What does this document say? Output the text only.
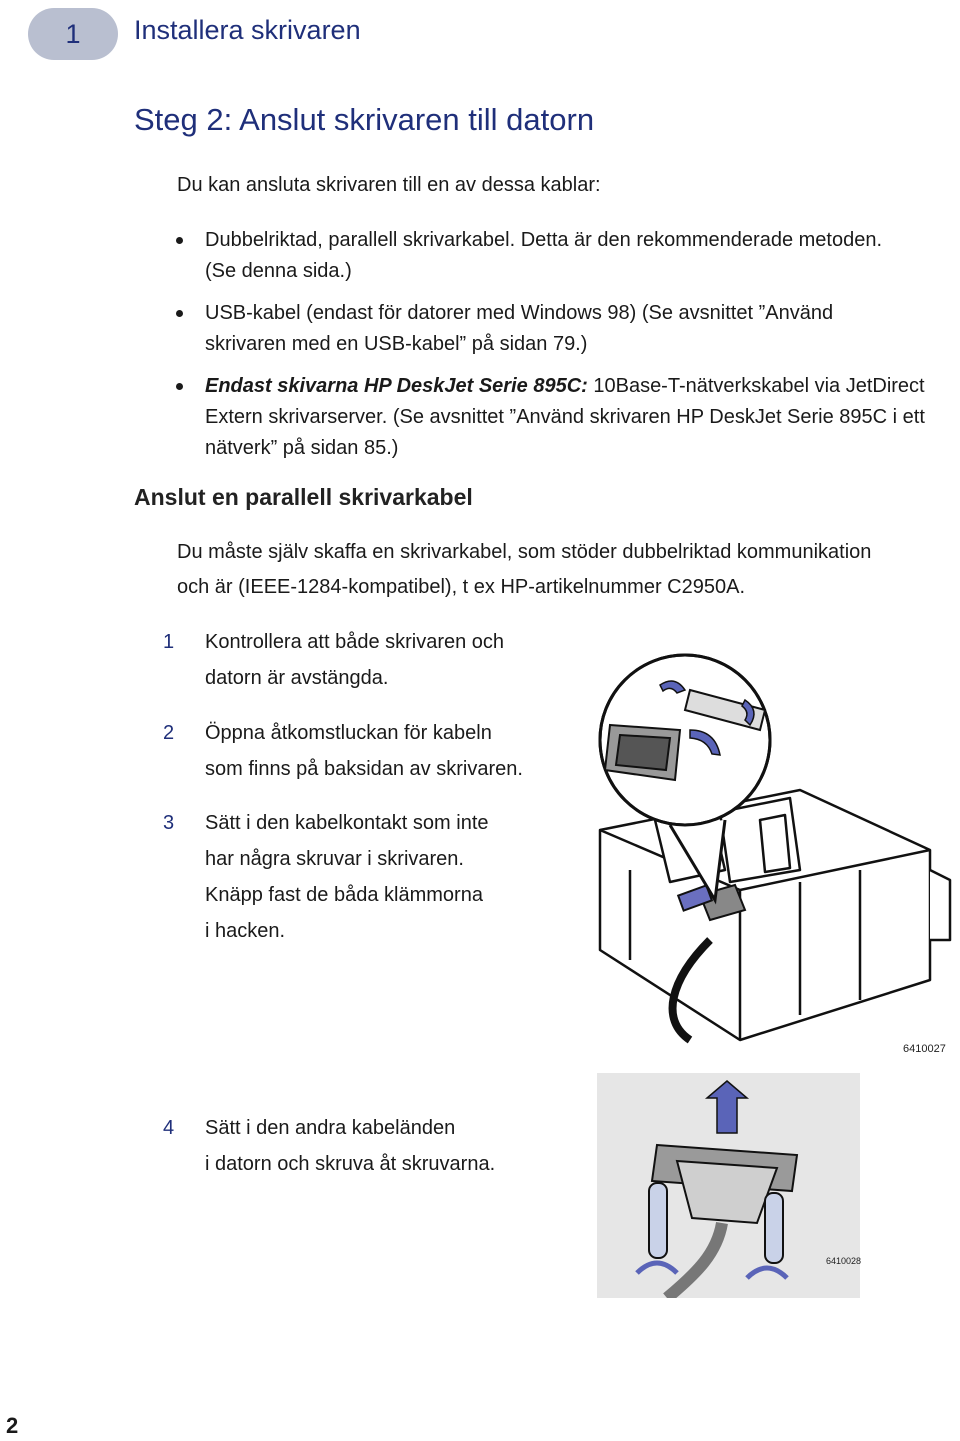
1	Installera skrivaren
Steg 2: Anslut skrivaren till datorn
Du kan ansluta skrivaren till en av dessa kablar:
Dubbelriktad, parallell skrivarkabel. Detta är den rekommenderade metoden.
(Se denna sida.)
USB-kabel (endast för datorer med Windows 98) (Se avsnittet ”Använd
skrivaren med en USB-kabel” på sidan 79.)
Endast skivarna HP DeskJet Serie 895C: 10Base-T-nätverkskabel via JetDirect
Extern skrivarserver. (Se avsnittet ”Använd skrivaren HP DeskJet Serie 895C i ett
nätverk” på sidan 85.)
Anslut en parallell skrivarkabel
Du måste själv skaffa en skrivarkabel, som stöder dubbelriktad kommunikation
och är (IEEE-1284-kompatibel), t ex HP-artikelnummer C2950A.
1 Kontrollera att både skrivaren och
datorn är avstängda.
2 Öppna åtkomstluckan för kabeln
som finns på baksidan av skrivaren.
3 Sätt i den kabelkontakt som inte
har några skruvar i skrivaren.
Knäpp fast de båda klämmorna
i hacken.
4 Sätt i den andra kabeländen
i datorn och skruva åt skruvarna.
6410027
6410028
2
